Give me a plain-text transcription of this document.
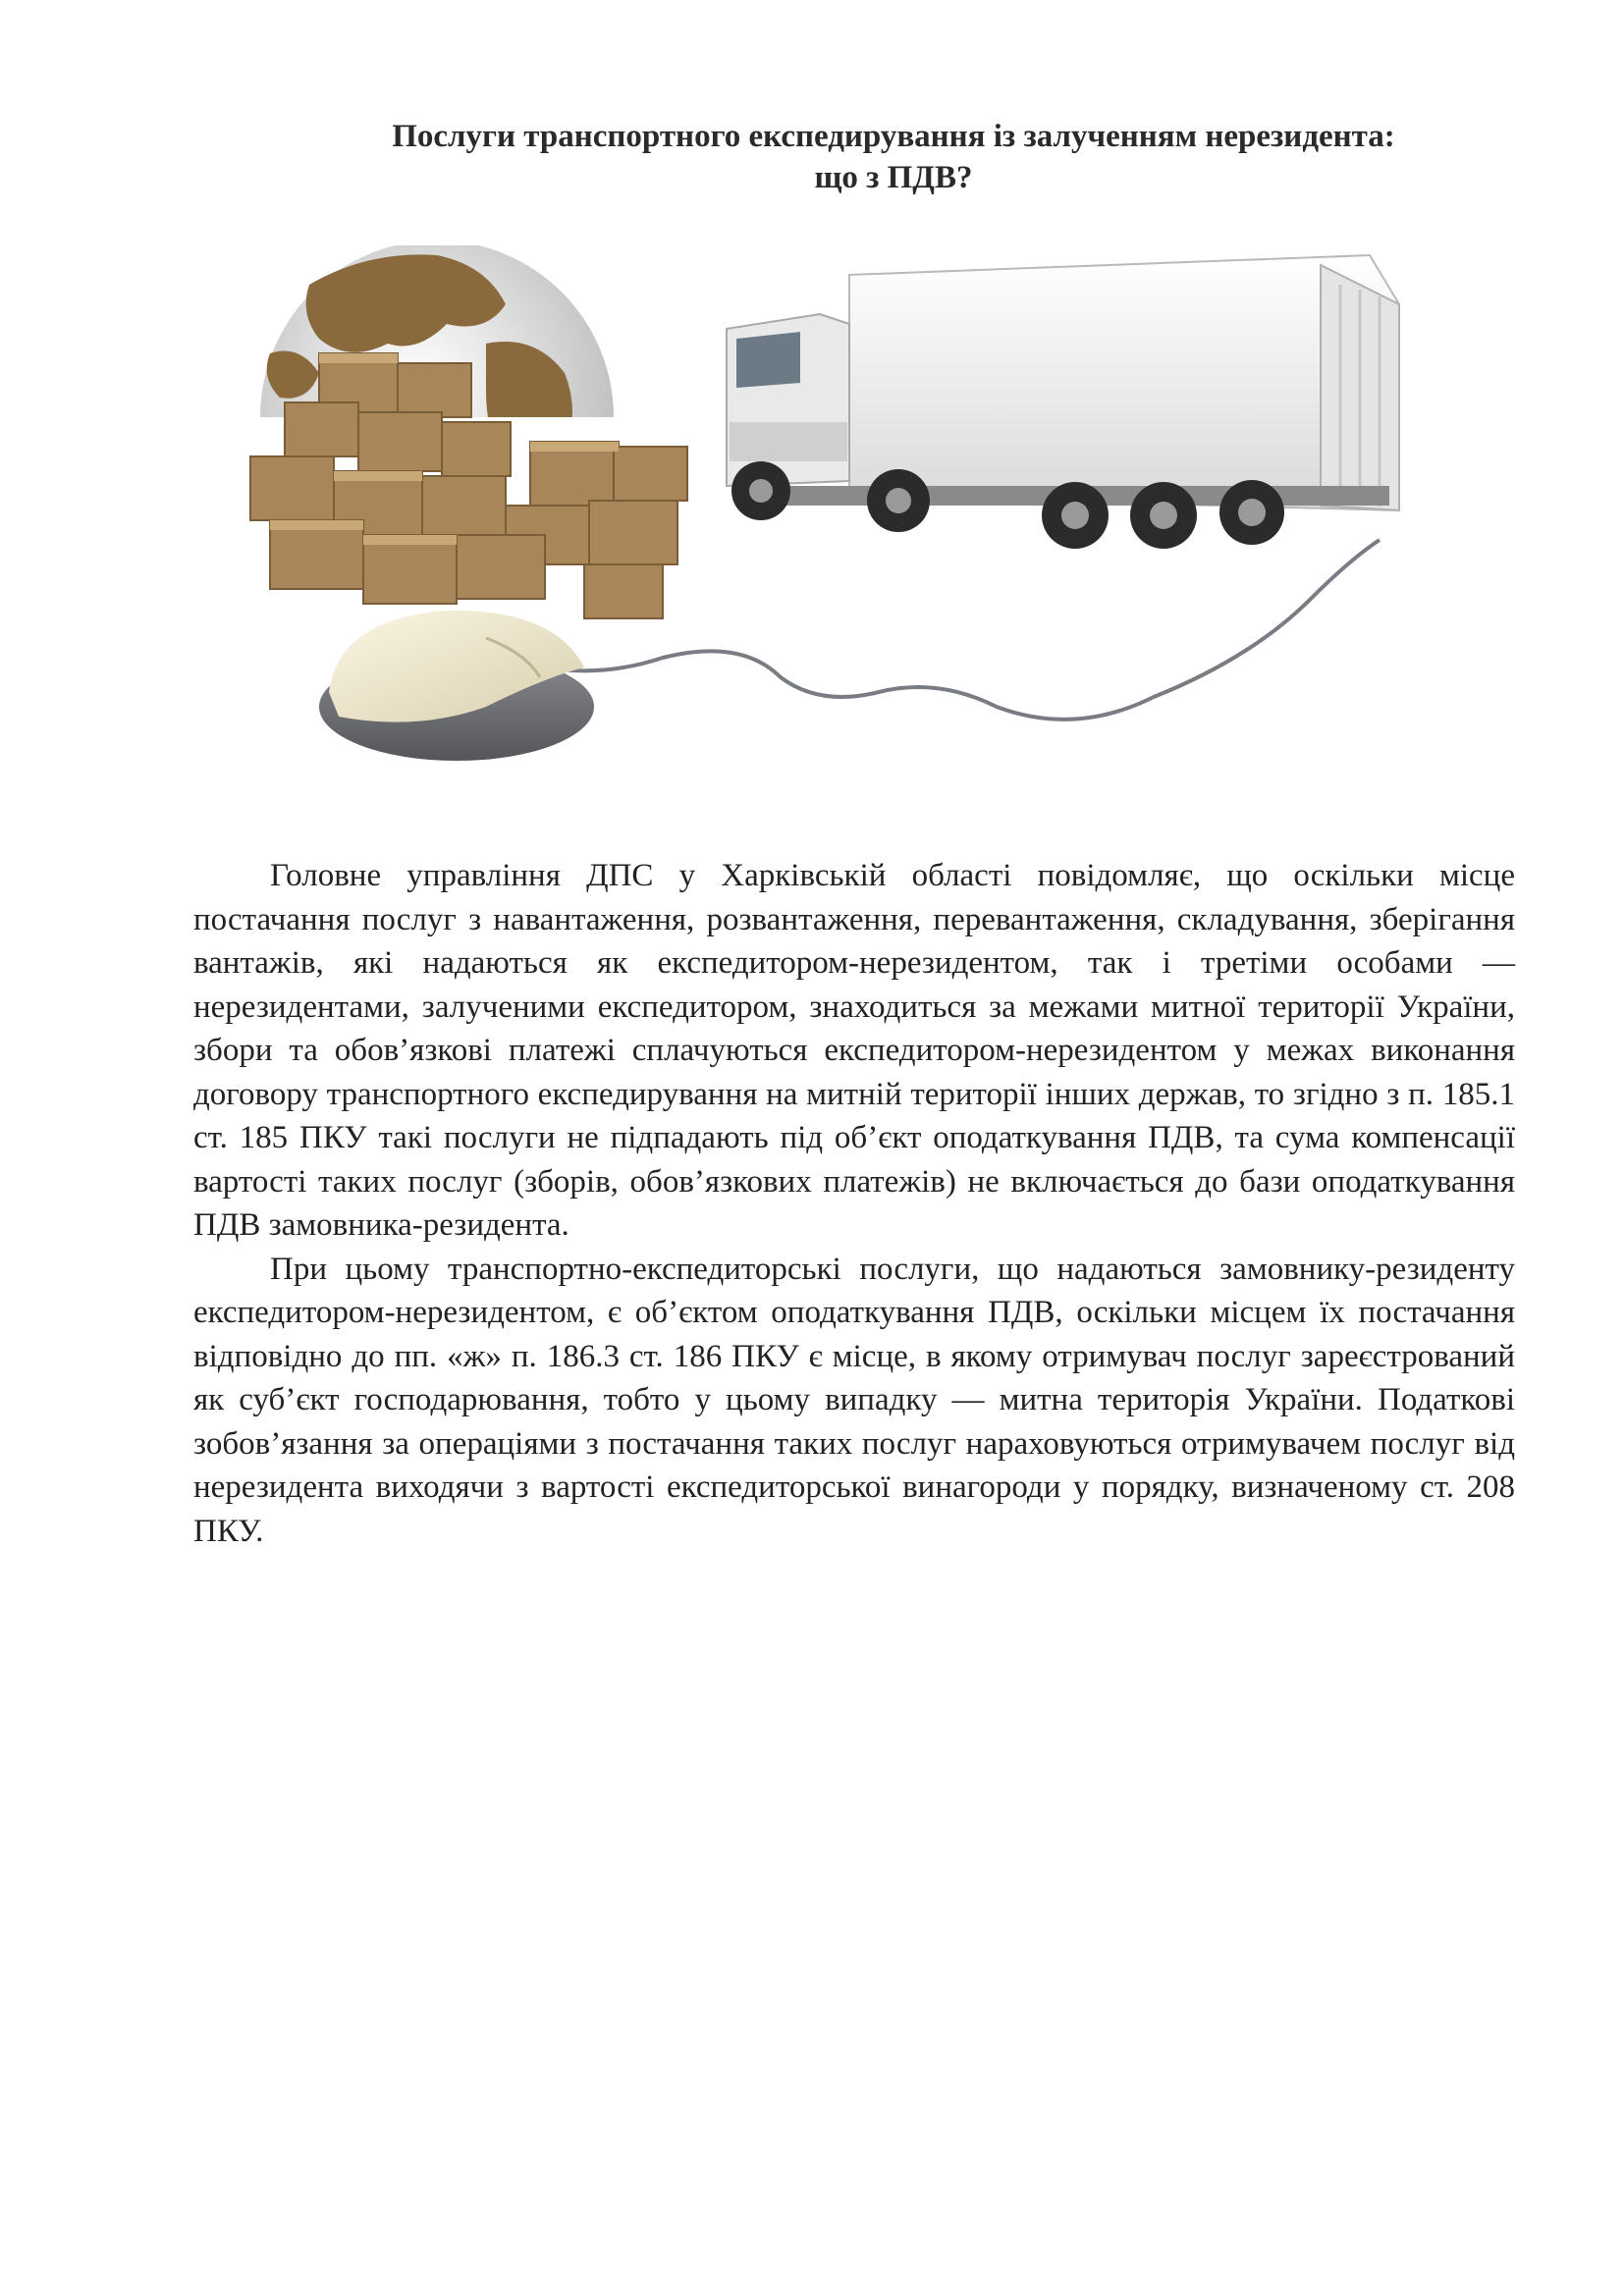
Послуги транспортного експедирування із залученням нерезидента:
що з ПДВ?

Головне управління ДПС у Харківській області повідомляє, що оскільки місце постачання послуг з навантаження, розвантаження, перевантаження, складування, зберігання вантажів, які надаються як експедитором-нерезидентом, так і третіми особами — нерезидентами, залученими експедитором, знаходиться за межами митної території України, збори та обов’язкові платежі сплачуються експедитором-нерезидентом у межах виконання договору транспортного експедирування на митній території інших держав, то згідно з п. 185.1 ст. 185 ПКУ такі послуги не підпадають під об’єкт оподаткування ПДВ, та сума компенсації вартості таких послуг (зборів, обов’язкових платежів) не включається до бази оподаткування ПДВ замовника-резидента.

При цьому транспортно-експедиторські послуги, що надаються замовнику-резиденту експедитором-нерезидентом, є об’єктом оподаткування ПДВ, оскільки місцем їх постачання відповідно до пп. «ж» п. 186.3 ст. 186 ПКУ є місце, в якому отримувач послуг зареєстрований як суб’єкт господарювання, тобто у цьому випадку — митна територія України. Податкові зобов’язання за операціями з постачання таких послуг нараховуються отримувачем послуг від нерезидента виходячи з вартості експедиторської винагороди у порядку, визначеному ст. 208 ПКУ.
